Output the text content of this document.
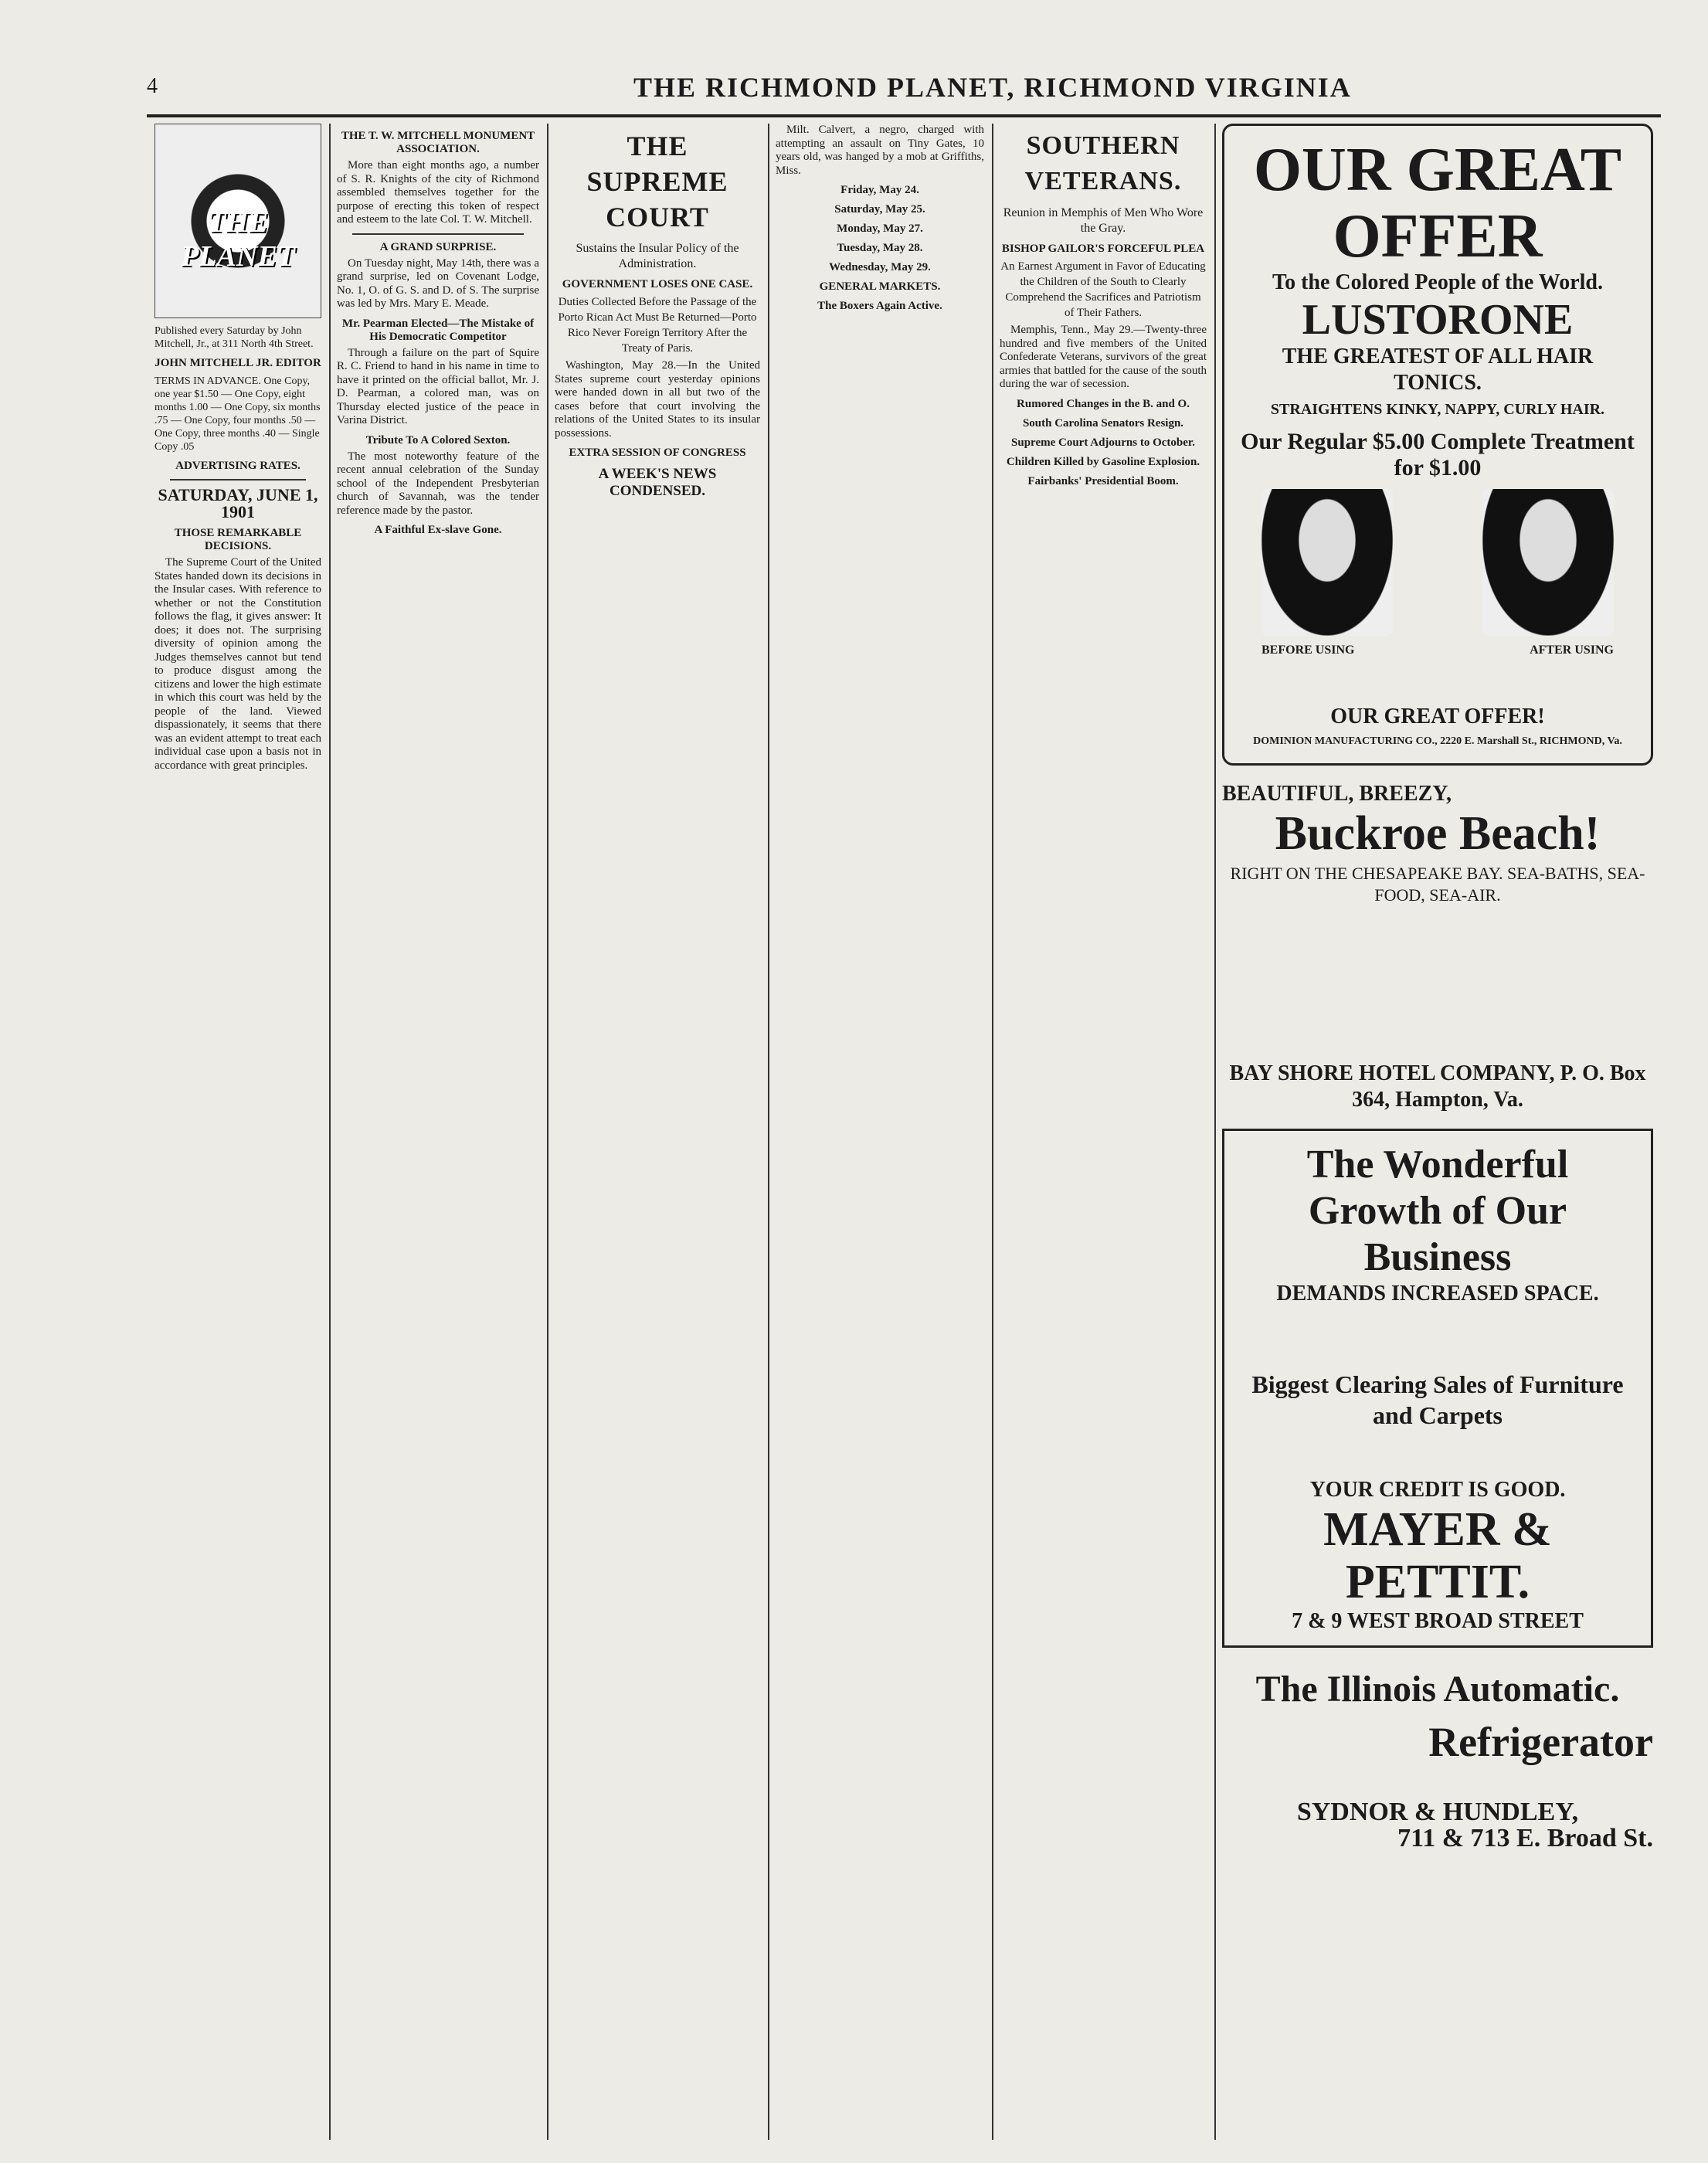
4	THE RICHMOND PLANET, RICHMOND VIRGINIA
THE PLANET

Published every Saturday by John Mitchell, Jr., at 311 North 4th Street.

JOHN MITCHELL JR. EDITOR

TERMS IN ADVANCE. One Copy, one year $1.50 — One Copy, eight months 1.00 — One Copy, six months .75 — One Copy, four months .50 — One Copy, three months .40 — Single Copy .05

ADVERTISING RATES.
SATURDAY, JUNE 1, 1901
THOSE REMARKABLE DECISIONS.

The Supreme Court of the United States handed down its decisions in the Insular cases. With reference to whether or not the Constitution follows the flag, it gives answer: It does; it does not. The surprising diversity of opinion among the Judges themselves cannot but tend to produce disgust among the citizens and lower the high estimate in which this court was held by the people of the land. Viewed dispassionately, it seems that there was an evident attempt to treat each individual case upon a basis not in accordance with great principles.

THE T. W. MITCHELL MONUMENT ASSOCIATION.

More than eight months ago, a number of S. R. Knights of the city of Richmond assembled themselves together for the purpose of erecting this token of respect and esteem to the late Col. T. W. Mitchell.

A GRAND SURPRISE.

On Tuesday night, May 14th, there was a grand surprise, led on Covenant Lodge, No. 1, O. of G. S. and D. of S. The surprise was led by Mrs. Mary E. Meade.

Mr. Pearman Elected—The Mistake of His Democratic Competitor

Through a failure on the part of Squire R. C. Friend to hand in his name in time to have it printed on the official ballot, Mr. J. D. Pearman, a colored man, was on Thursday elected justice of the peace in Varina District.

Tribute To A Colored Sexton.

The most noteworthy feature of the recent annual celebration of the Sunday school of the Independent Presbyterian church of Savannah, was the tender reference made by the pastor.

A Faithful Ex-slave Gone.
THE SUPREME COURT
Sustains the Insular Policy of the Administration.
GOVERNMENT LOSES ONE CASE.
Duties Collected Before the Passage of the Porto Rican Act Must Be Returned—Porto Rico Never Foreign Territory After the Treaty of Paris.

Washington, May 28.—In the United States supreme court yesterday opinions were handed down in all but two of the cases before that court involving the relations of the United States to its insular possessions.

EXTRA SESSION OF CONGRESS
A WEEK'S NEWS CONDENSED.

Milt. Calvert, a negro, charged with attempting an assault on Tiny Gates, 10 years old, was hanged by a mob at Griffiths, Miss.

Friday, May 24.
Saturday, May 25.
Monday, May 27.
Tuesday, May 28.
Wednesday, May 29.
GENERAL MARKETS.
The Boxers Again Active.
SOUTHERN VETERANS.
Reunion in Memphis of Men Who Wore the Gray.
BISHOP GAILOR'S FORCEFUL PLEA
An Earnest Argument in Favor of Educating the Children of the South to Clearly Comprehend the Sacrifices and Patriotism of Their Fathers.

Memphis, Tenn., May 29.—Twenty-three hundred and five members of the United Confederate Veterans, survivors of the great armies that battled for the cause of the south during the war of secession.

Rumored Changes in the B. and O.
South Carolina Senators Resign.
Supreme Court Adjourns to October.
Children Killed by Gasoline Explosion.
Fairbanks' Presidential Boom.
OUR GREAT OFFER
To the Colored People of the World.
LUSTORONE
THE GREATEST OF ALL HAIR TONICS.
STRAIGHTENS KINKY, NAPPY, CURLY HAIR.
Our Regular $5.00 Complete Treatment for $1.00
BEFORE USING	AFTER USING
OUR GREAT OFFER!
DOMINION MANUFACTURING CO., 2220 E. Marshall St., RICHMOND, Va.
BEAUTIFUL, BREEZY,
Buckroe Beach!
RIGHT ON THE CHESAPEAKE BAY. SEA-BATHS, SEA-FOOD, SEA-AIR.
BAY SHORE HOTEL COMPANY, P. O. Box 364, Hampton, Va.
The Wonderful Growth of Our Business
DEMANDS INCREASED SPACE.
Biggest Clearing Sales of Furniture and Carpets
YOUR CREDIT IS GOOD.
MAYER & PETTIT.
7 & 9 WEST BROAD STREET
The Illinois Automatic.
Refrigerator
SYDNOR & HUNDLEY,
711 & 713 E. Broad St.
